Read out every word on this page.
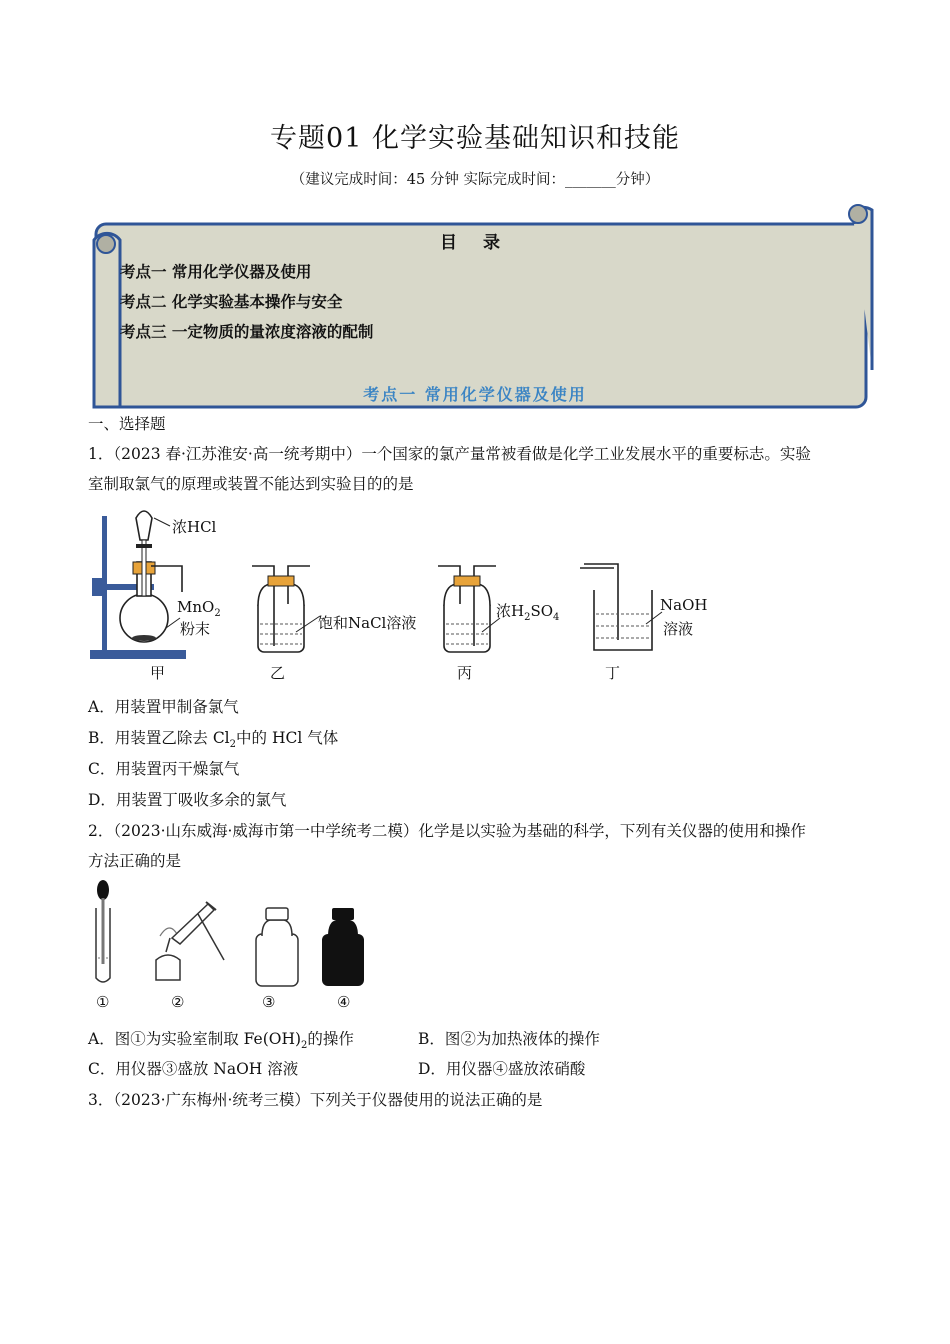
专题01 化学实验基础知识和技能
（建议完成时间：45 分钟 实际完成时间：_______分钟）
目 录
考点一 常用化学仪器及使用
考点二 化学实验基本操作与安全
考点三 一定物质的量浓度溶液的配制
考点一 常用化学仪器及使用
一、选择题
1．（2023 春·江苏淮安·高一统考期中）一个国家的氯产量常被看做是化学工业发展水平的重要标志。实验
室制取氯气的原理或装置不能达到实验目的的是
浓HCl
MnO$_2$
粉末	饱和NaCl溶液
浓$H_2SO_4$
NaOH
溶液
甲	乙	丙	丁
A．用装置甲制备氯气
B．用装置乙除去 $Cl_2$中的 HCl 气体
C．用装置丙干燥氯气
D．用装置丁吸收多余的氯气
2．（2023·山东威海·威海市第一中学统考二模）化学是以实验为基础的科学，下列有关仪器的使用和操作
方法正确的是
①	②	③	④
A．图①为实验室制取 $Fe(OH)_2$的操作	B．图②为加热液体的操作
C．用仪器③盛放 NaOH 溶液	D．用仪器④盛放浓硝酸
3．（2023·广东梅州·统考三模）下列关于仪器使用的说法正确的是
